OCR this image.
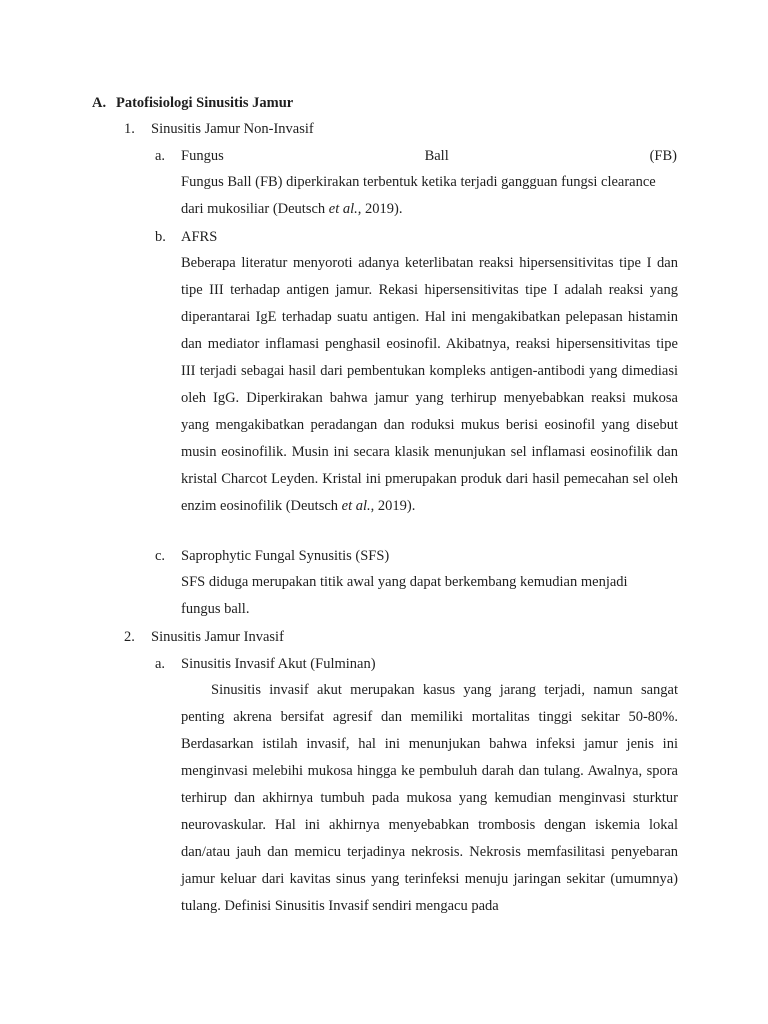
A. Patofisiologi Sinusitis Jamur
1. Sinusitis Jamur Non-Invasif
a.	Fungus	Ball	(FB)

Fungus Ball (FB) diperkirakan terbentuk ketika terjadi gangguan fungsi clearance dari mukosiliar (Deutsch et al., 2019).

b. AFRS

Beberapa literatur menyoroti adanya keterlibatan reaksi hipersensitivitas tipe I dan tipe III terhadap antigen jamur. Rekasi hipersensitivitas tipe I adalah reaksi yang diperantarai IgE terhadap suatu antigen. Hal ini mengakibatkan pelepasan histamin dan mediator inflamasi penghasil eosinofil. Akibatnya, reaksi hipersensitivitas tipe III terjadi sebagai hasil dari pembentukan kompleks antigen-antibodi yang dimediasi oleh IgG. Diperkirakan bahwa jamur yang terhirup menyebabkan reaksi mukosa yang mengakibatkan peradangan dan roduksi mukus berisi eosinofil yang disebut musin eosinofilik. Musin ini secara klasik menunjukan sel inflamasi eosinofilik dan kristal Charcot Leyden. Kristal ini pmerupakan produk dari hasil pemecahan sel oleh enzim eosinofilik (Deutsch et al., 2019).

c. Saprophytic Fungal Synusitis (SFS)

SFS diduga merupakan titik awal yang dapat berkembang kemudian menjadi fungus ball.

2. Sinusitis Jamur Invasif
a. Sinusitis Invasif Akut (Fulminan)

Sinusitis invasif akut merupakan kasus yang jarang terjadi, namun sangat penting akrena bersifat agresif dan memiliki mortalitas tinggi sekitar 50-80%. Berdasarkan istilah invasif, hal ini menunjukan bahwa infeksi jamur jenis ini menginvasi melebihi mukosa hingga ke pembuluh darah dan tulang. Awalnya, spora terhirup dan akhirnya tumbuh pada mukosa yang kemudian menginvasi sturktur neurovaskular. Hal ini akhirnya menyebabkan trombosis dengan iskemia lokal dan/atau jauh dan memicu terjadinya nekrosis. Nekrosis memfasilitasi penyebaran jamur keluar dari kavitas sinus yang terinfeksi menuju jaringan sekitar (umumnya) tulang. Definisi Sinusitis Invasif sendiri mengacu pada
